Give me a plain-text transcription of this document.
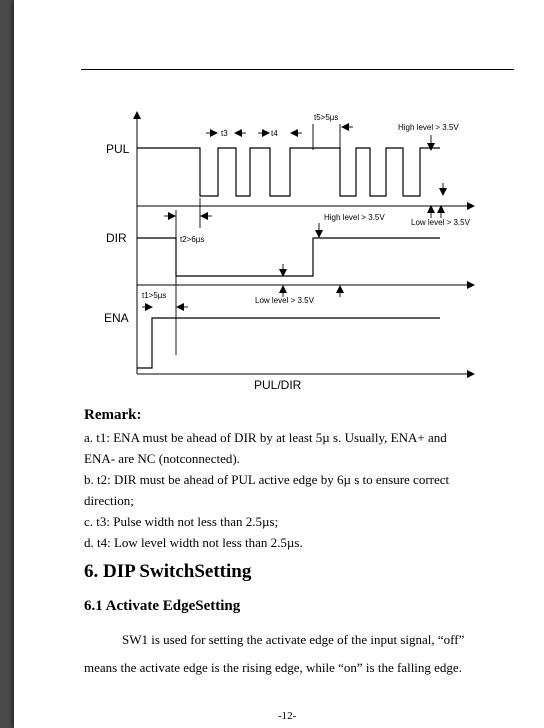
PUL
DIR
ENA
PUL/DIR
t1>5µs
t2>6µs
t3	t4
t5>5µs
High level > 3.5V
Low level > 3.5V
High level > 3.5V
Low level > 3.5V
Remark:
a. t1: ENA must be ahead of DIR by at least 5µ s. Usually, ENA+ and
ENA- are NC (notconnected).
b. t2: DIR must be ahead of PUL active edge by 6µ s to ensure correct
direction;
c. t3: Pulse width not less than 2.5µs;
d. t4: Low level width not less than 2.5µs.
6. DIP SwitchSetting
6.1 Activate EdgeSetting
SW1 is used for setting the activate edge of the input signal, “off”
means the activate edge is the rising edge, while “on” is the falling edge.
-12-
